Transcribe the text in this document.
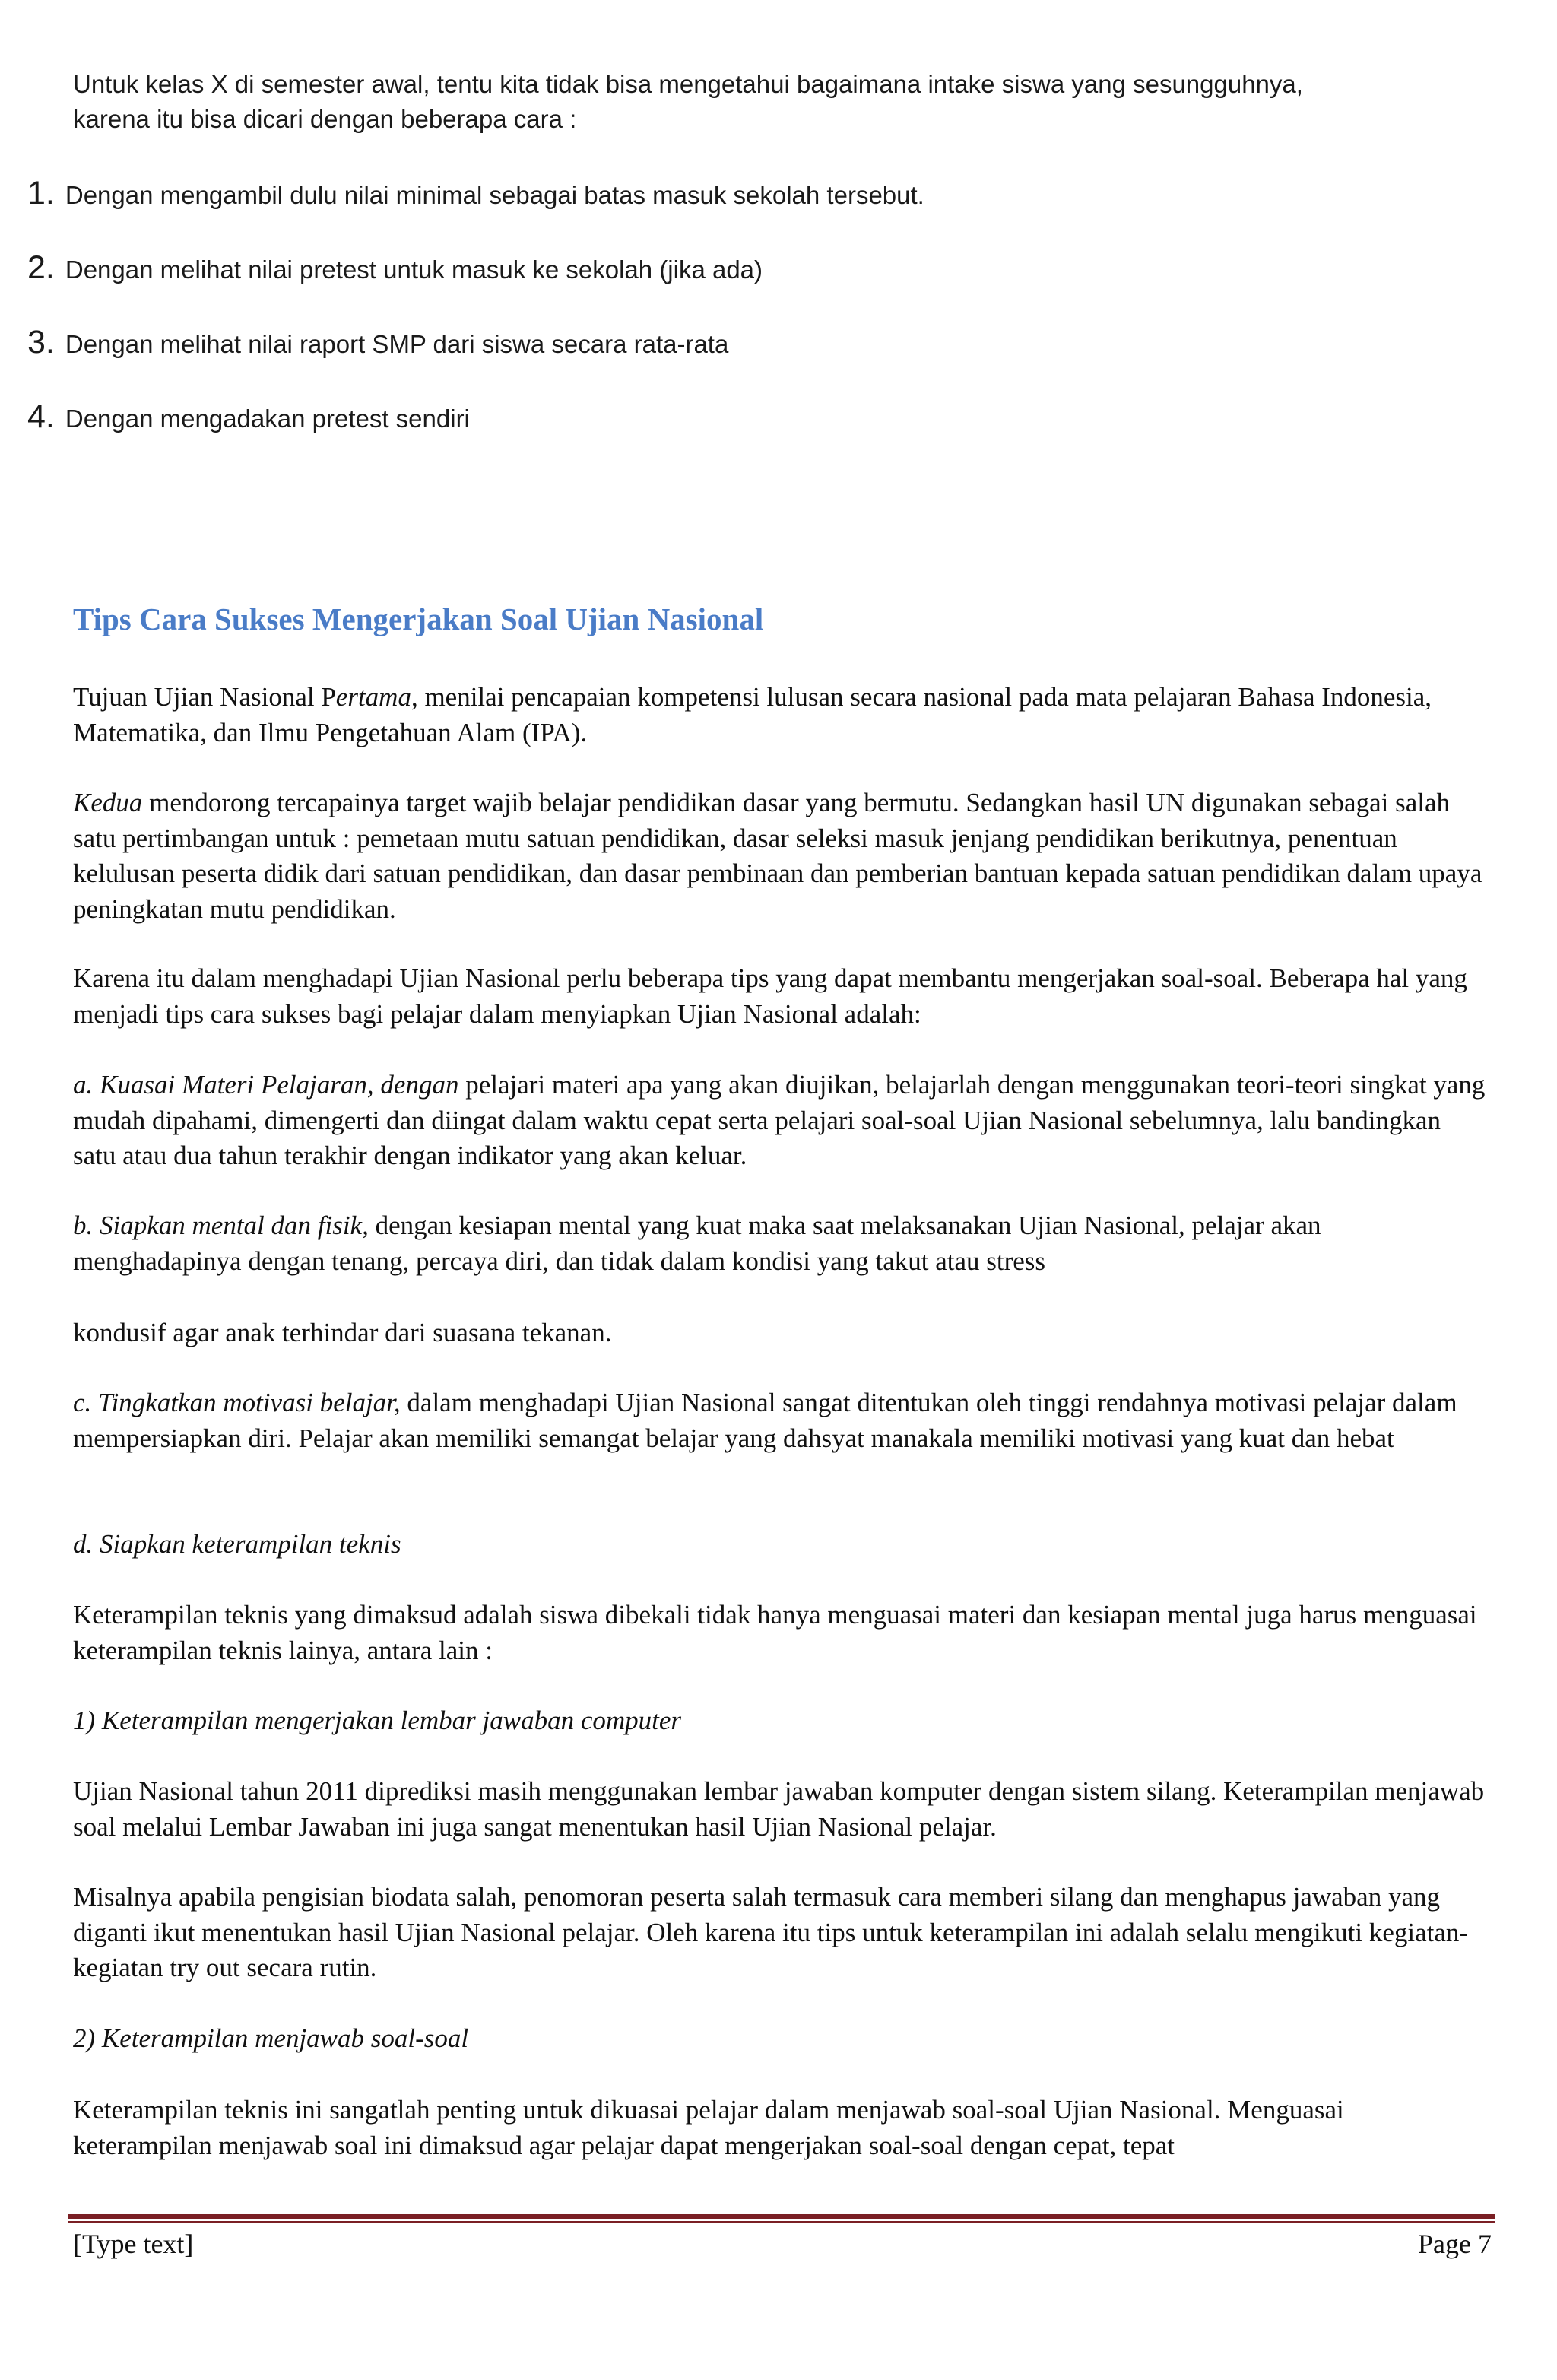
Untuk kelas X di semester awal, tentu kita tidak bisa mengetahui bagaimana intake siswa yang sesungguhnya,
karena itu bisa dicari dengan beberapa cara :
1. Dengan mengambil dulu nilai minimal sebagai batas masuk sekolah tersebut.
2. Dengan melihat nilai pretest untuk masuk ke sekolah (jika ada)
3. Dengan melihat nilai raport SMP dari siswa secara rata-rata
4. Dengan mengadakan pretest sendiri
Tips Cara Sukses Mengerjakan Soal Ujian Nasional
Tujuan Ujian Nasional Pertama, menilai pencapaian kompetensi lulusan secara nasional pada mata pelajaran Bahasa Indonesia, Matematika, dan Ilmu Pengetahuan Alam (IPA).
Kedua mendorong tercapainya target wajib belajar pendidikan dasar yang bermutu. Sedangkan hasil UN digunakan sebagai salah satu pertimbangan untuk : pemetaan mutu satuan pendidikan, dasar seleksi masuk jenjang pendidikan berikutnya, penentuan kelulusan peserta didik dari satuan pendidikan, dan dasar pembinaan dan pemberian bantuan kepada satuan pendidikan dalam upaya peningkatan mutu pendidikan.
Karena itu dalam menghadapi Ujian Nasional perlu beberapa tips yang dapat membantu mengerjakan soal-soal. Beberapa hal yang menjadi tips cara sukses bagi pelajar dalam menyiapkan Ujian Nasional adalah:
a. Kuasai Materi Pelajaran, dengan pelajari materi apa yang akan diujikan, belajarlah dengan menggunakan teori-teori singkat yang mudah dipahami, dimengerti dan diingat dalam waktu cepat serta pelajari soal-soal Ujian Nasional sebelumnya, lalu bandingkan satu atau dua tahun terakhir dengan indikator yang akan keluar.
b. Siapkan mental dan fisik, dengan kesiapan mental yang kuat maka saat melaksanakan Ujian Nasional, pelajar akan menghadapinya dengan tenang, percaya diri, dan tidak dalam kondisi yang takut atau stress
kondusif agar anak terhindar dari suasana tekanan.
c. Tingkatkan motivasi belajar, dalam menghadapi Ujian Nasional sangat ditentukan oleh tinggi rendahnya motivasi pelajar dalam mempersiapkan diri. Pelajar akan memiliki semangat belajar yang dahsyat manakala memiliki motivasi yang kuat dan hebat
d. Siapkan keterampilan teknis
Keterampilan teknis yang dimaksud adalah siswa dibekali tidak hanya menguasai materi dan kesiapan mental juga harus menguasai keterampilan teknis lainya, antara lain :
1) Keterampilan mengerjakan lembar jawaban computer
Ujian Nasional tahun 2011 diprediksi masih menggunakan lembar jawaban komputer dengan sistem silang. Keterampilan menjawab soal melalui Lembar Jawaban ini juga sangat menentukan hasil Ujian Nasional pelajar.
Misalnya apabila pengisian biodata salah, penomoran peserta salah termasuk cara memberi silang dan menghapus jawaban yang diganti ikut menentukan hasil Ujian Nasional pelajar. Oleh karena itu tips untuk keterampilan ini adalah selalu mengikuti kegiatan-kegiatan try out secara rutin.
2) Keterampilan menjawab soal-soal
Keterampilan teknis ini sangatlah penting untuk dikuasai pelajar dalam menjawab soal-soal Ujian Nasional. Menguasai keterampilan menjawab soal ini dimaksud agar pelajar dapat mengerjakan soal-soal dengan cepat, tepat
[Type text]	Page 7
